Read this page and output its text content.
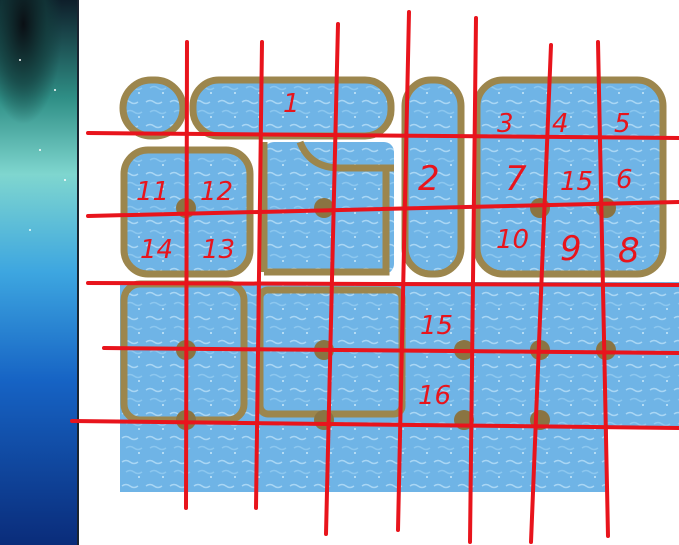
1
2
3 4 5
7 15 6
11 12
10 9 8
14 13
15
16
